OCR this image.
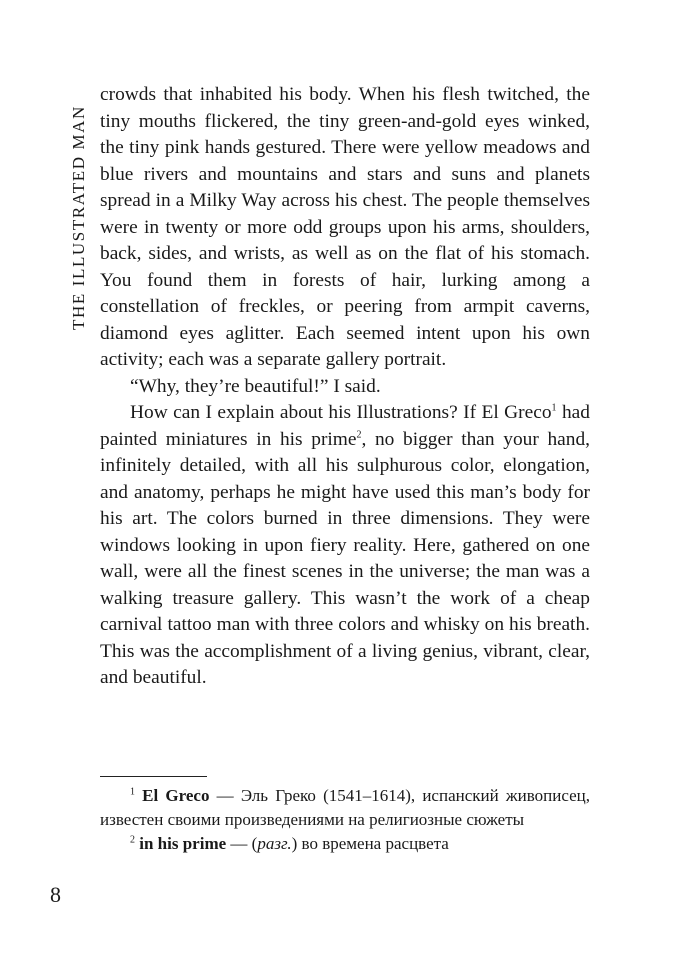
THE ILLUSTRATED MAN

crowds that inhabited his body. When his flesh twitched, the tiny mouths flickered, the tiny green-and-gold eyes winked, the tiny pink hands gestured. There were yellow meadows and blue rivers and mountains and stars and suns and planets spread in a Milky Way across his chest. The people themselves were in twenty or more odd groups upon his arms, shoulders, back, sides, and wrists, as well as on the flat of his stomach. You found them in forests of hair, lurking among a constellation of freckles, or peering from armpit caverns, diamond eyes aglitter. Each seemed intent upon his own activity; each was a separate gallery portrait.

“Why, they’re beautiful!” I said.

How can I explain about his Illustrations? If El Greco$^1$ had painted miniatures in his prime$^2$, no bigger than your hand, infinitely detailed, with all his sulphurous color, elongation, and anatomy, perhaps he might have used this man’s body for his art. The colors burned in three dimensions. They were windows looking in upon fiery reality. Here, gathered on one wall, were all the finest scenes in the universe; the man was a walking treasure gallery. This wasn’t the work of a cheap carnival tattoo man with three colors and whisky on his breath. This was the accomplishment of a living genius, vibrant, clear, and beautiful.

$^1$ El Greco — Эль Греко (1541–1614), испанский живописец, известен своими произведениями на религиозные сюжеты

$^2$ in his prime — (разг.) во времена расцвета

8
